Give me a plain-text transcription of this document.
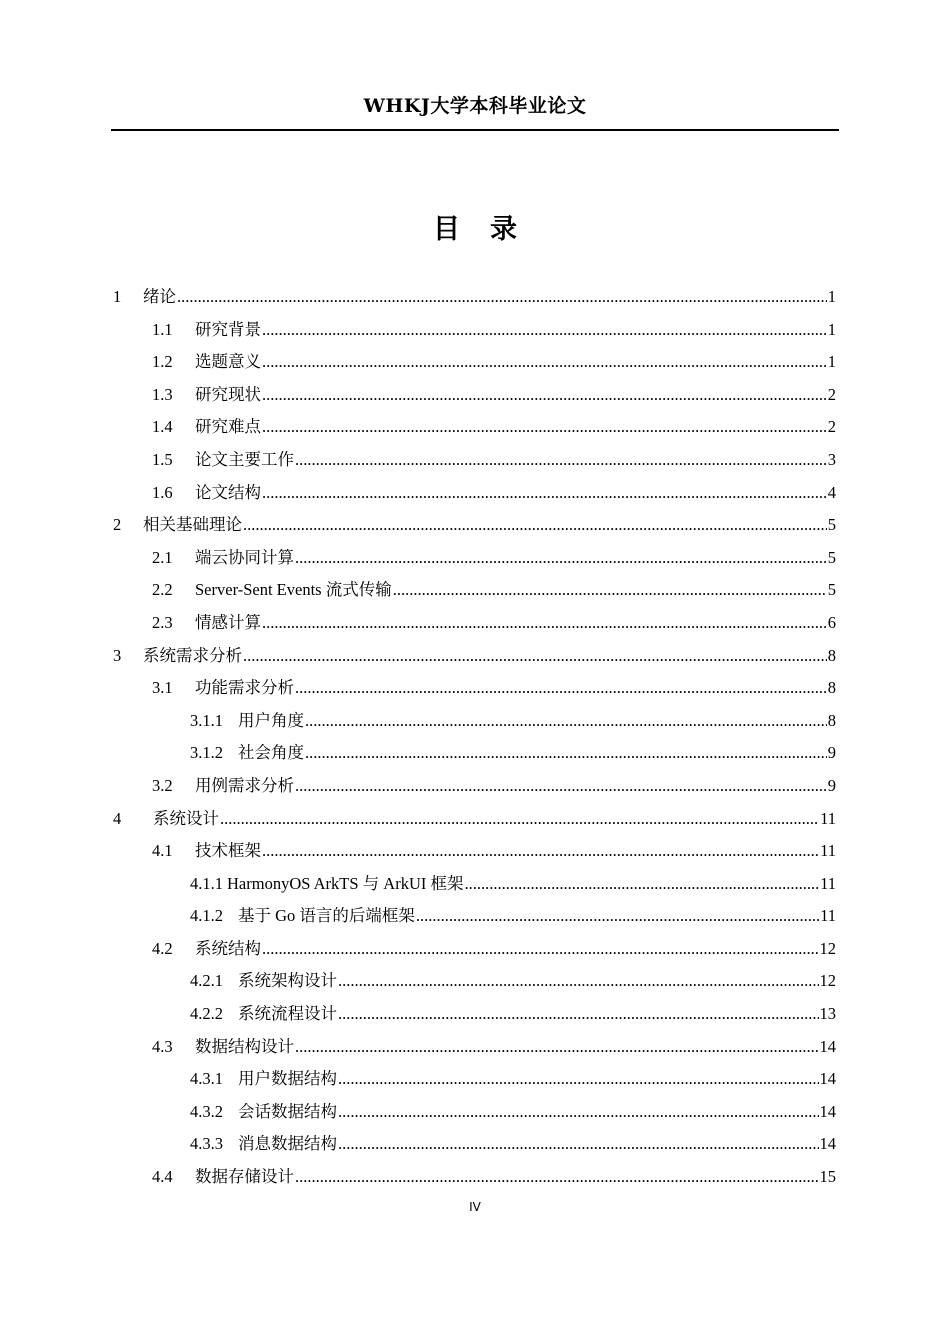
WHKJ大学本科毕业论文
目 录
1	绪论 .....	1
1.1	研究背景 .....	1
1.2	选题意义 .....	1
1.3	研究现状 .....	2
1.4	研究难点 .....	2
1.5	论文主要工作 .....	3
1.6	论文结构 .....	4
2	相关基础理论 .....	5
2.1	端云协同计算 .....	5
2.2	Server-Sent Events 流式传输 .....	5
2.3	情感计算 .....	6
3	系统需求分析 .....	8
3.1	功能需求分析 .....	8
3.1.1 用户角度 .....	8
3.1.2 社会角度 .....	9
3.2	用例需求分析 .....	9
4	系统设计 .....	11
4.1	技术框架 .....	11
4.1.1 HarmonyOS ArkTS 与 ArkUI 框架 .....	11
4.1.2 基于 Go 语言的后端框架 .....	11
4.2	系统结构 .....	12
4.2.1 系统架构设计 .....	12
4.2.2 系统流程设计 .....	13
4.3	数据结构设计 .....	14
4.3.1 用户数据结构 .....	14
4.3.2 会话数据结构 .....	14
4.3.3 消息数据结构 .....	14
4.4	数据存储设计 .....	15
IV
